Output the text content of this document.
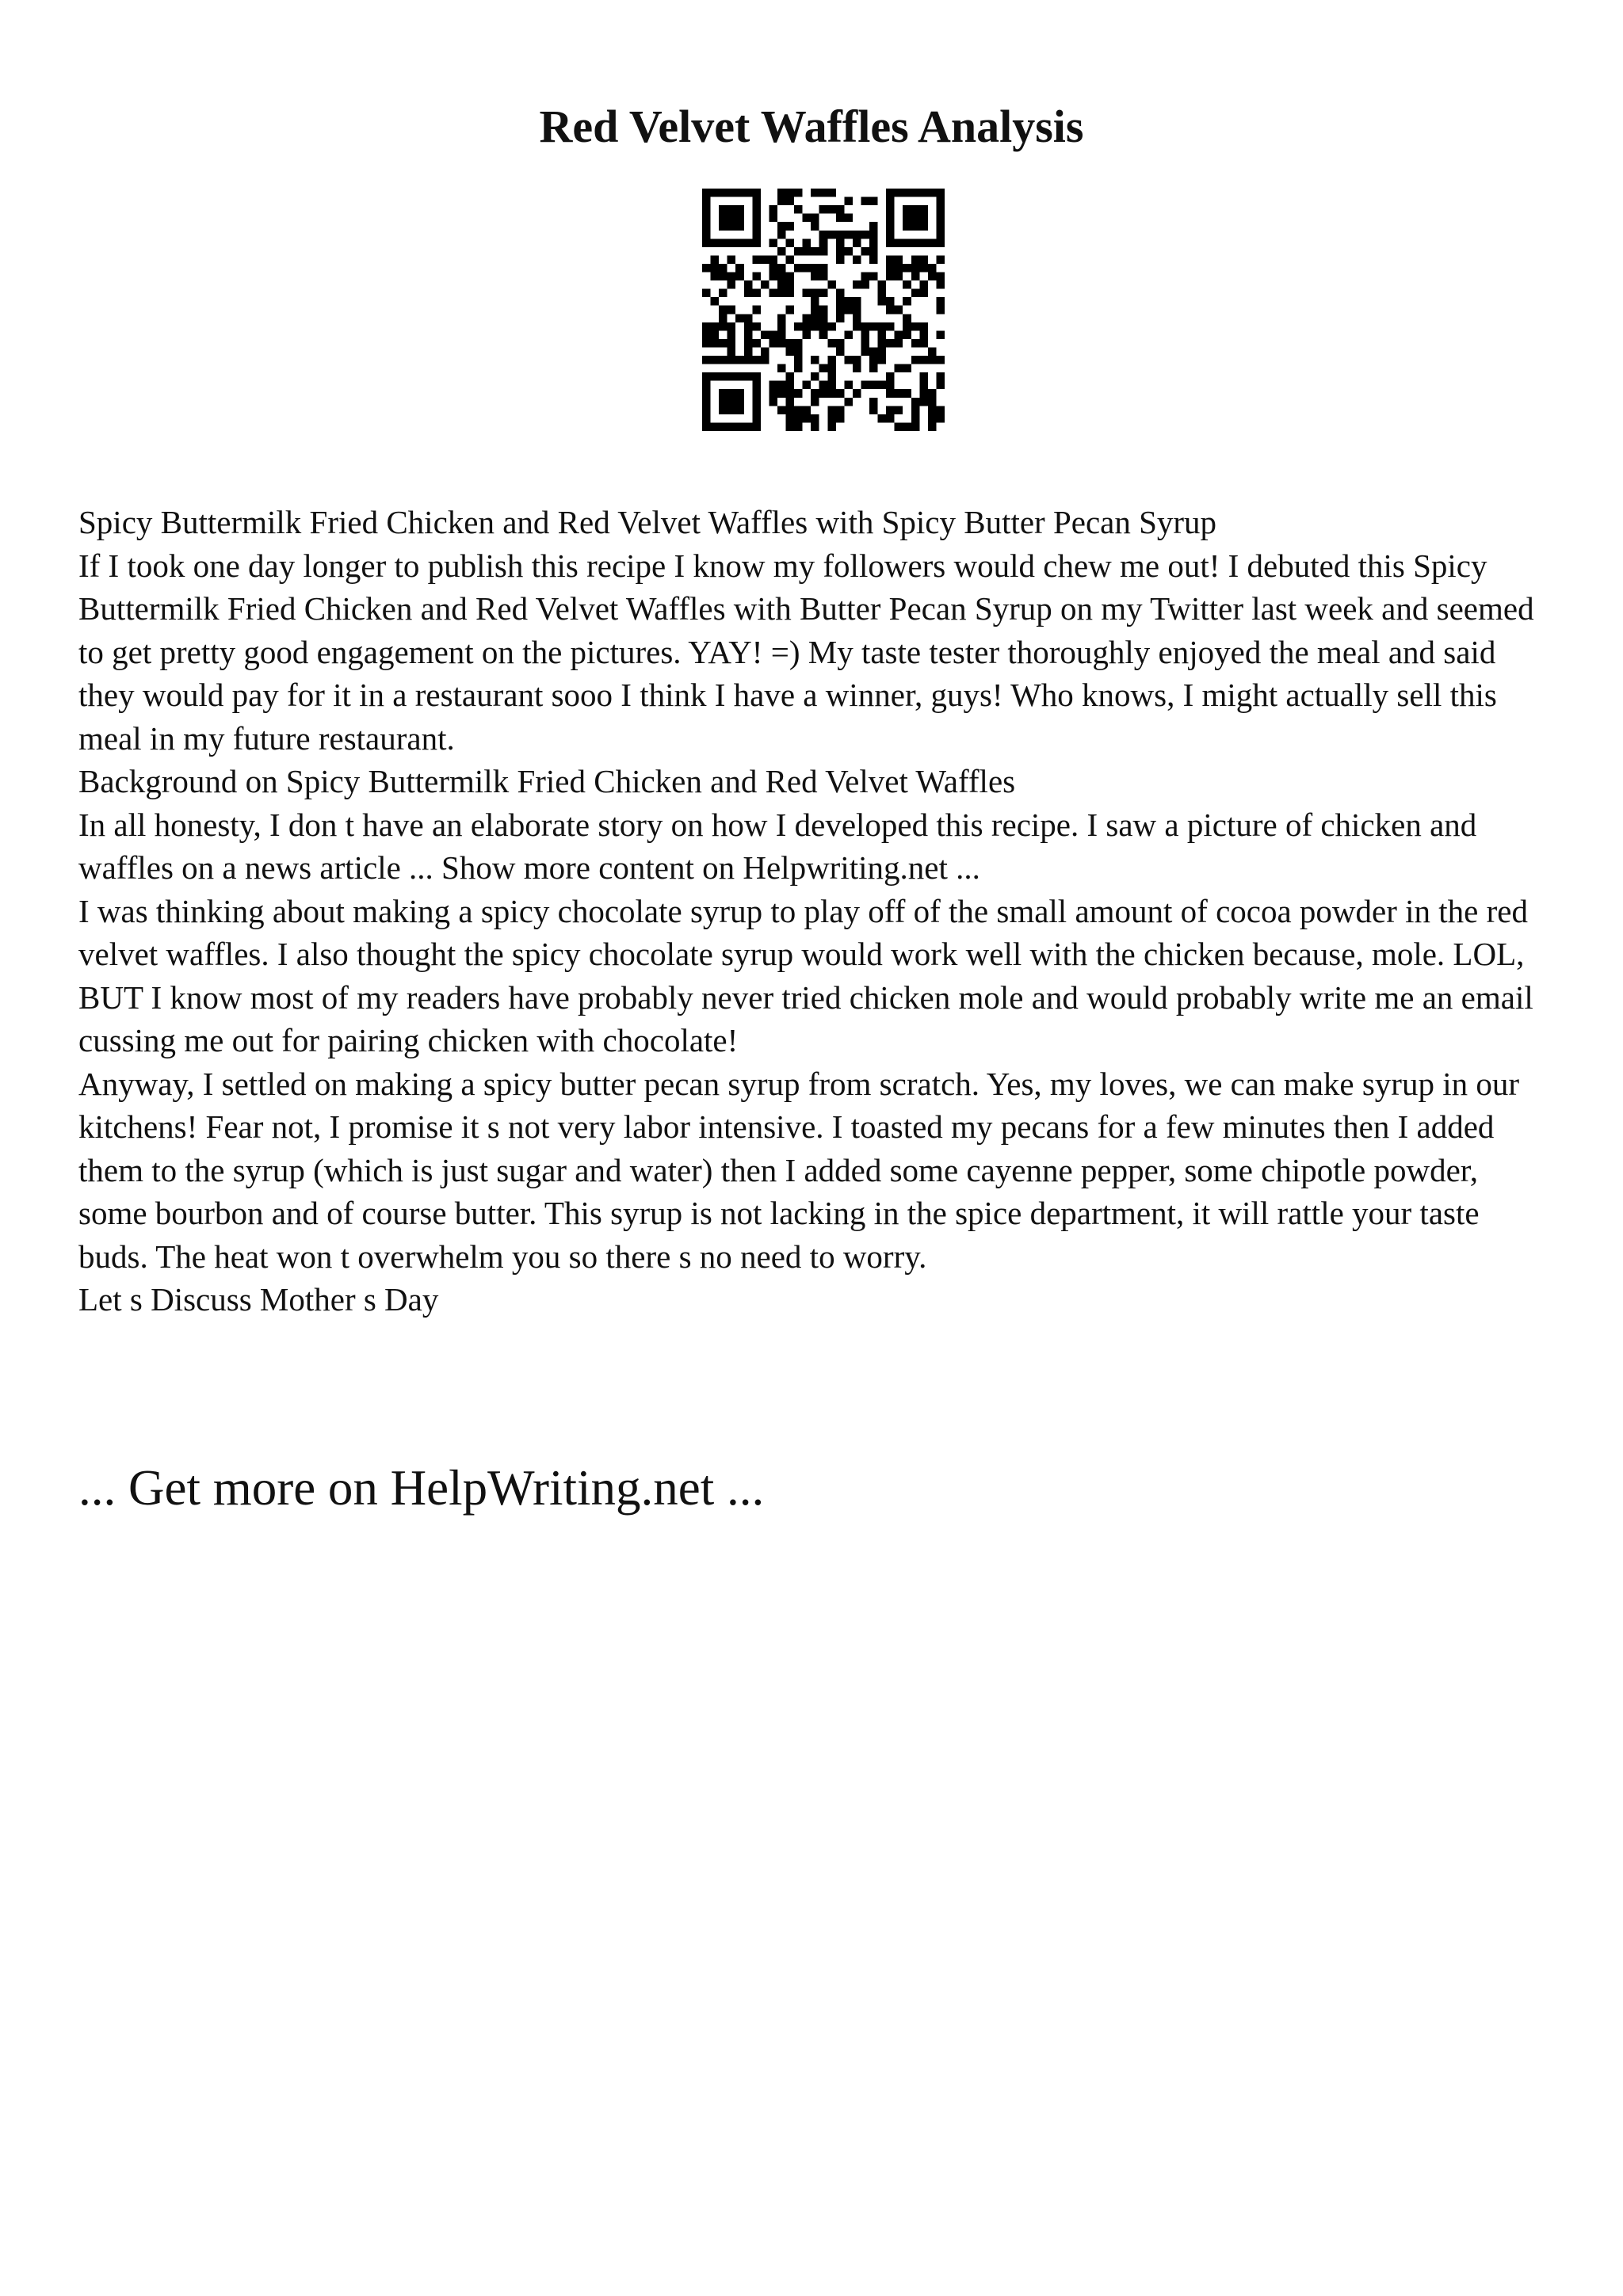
Red Velvet Waffles Analysis

Spicy Buttermilk Fried Chicken and Red Velvet Waffles with Spicy Butter Pecan Syrup

If I took one day longer to publish this recipe I know my followers would chew me out! I debuted this Spicy Buttermilk Fried Chicken and Red Velvet Waffles with Butter Pecan Syrup on my Twitter last week and seemed to get pretty good engagement on the pictures. YAY! =) My taste tester thoroughly enjoyed the meal and said they would pay for it in a restaurant sooo I think I have a winner, guys! Who knows, I might actually sell this meal in my future restaurant.

Background on Spicy Buttermilk Fried Chicken and Red Velvet Waffles

In all honesty, I don t have an elaborate story on how I developed this recipe. I saw a picture of chicken and waffles on a news article ... Show more content on Helpwriting.net ...

I was thinking about making a spicy chocolate syrup to play off of the small amount of cocoa powder in the red velvet waffles. I also thought the spicy chocolate syrup would work well with the chicken because, mole. LOL, BUT I know most of my readers have probably never tried chicken mole and would probably write me an email cussing me out for pairing chicken with chocolate!

Anyway, I settled on making a spicy butter pecan syrup from scratch. Yes, my loves, we can make syrup in our kitchens! Fear not, I promise it s not very labor intensive. I toasted my pecans for a few minutes then I added them to the syrup (which is just sugar and water) then I added some cayenne pepper, some chipotle powder, some bourbon and of course butter. This syrup is not lacking in the spice department, it will rattle your taste buds. The heat won t overwhelm you so there s no need to worry.

Let s Discuss Mother s Day

... Get more on HelpWriting.net ...
